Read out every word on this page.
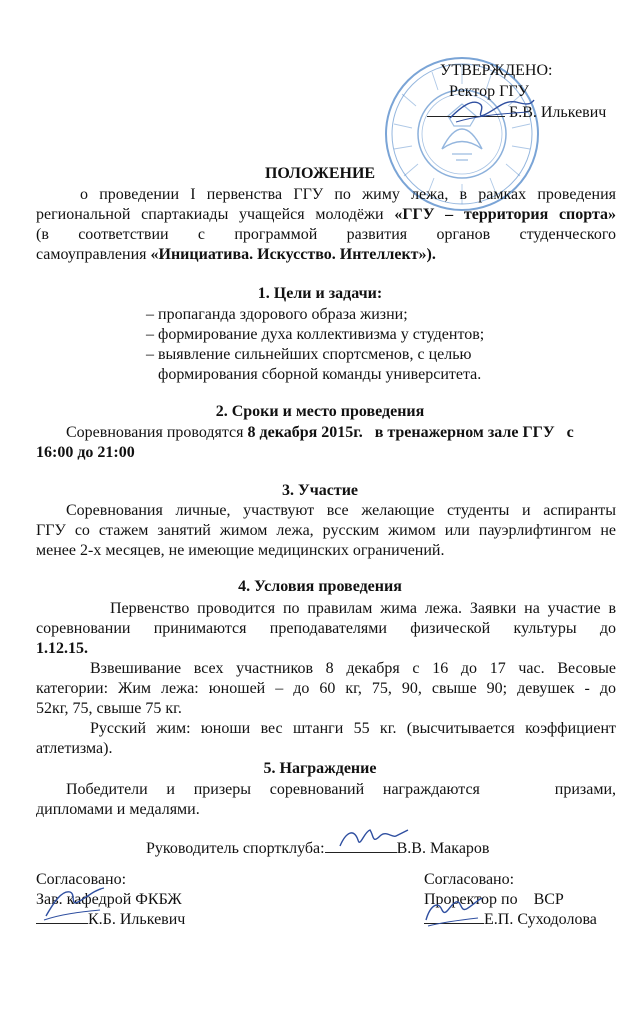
УТВЕРЖДЕНО:
Ректор ГГУ
Б.В. Илькевич
ПОЛОЖЕНИЕ
о проведении I первенства ГГУ по жиму лежа, в рамках проведения
региональной спартакиады учащейся молодёжи «ГГУ – территория спорта»
(в соответствии с программой развития органов студенческого
самоуправления «Инициатива. Искусство. Интеллект»).
1. Цели и задачи:
– пропаганда здорового образа жизни;
– формирование духа коллективизма у студентов;
– выявление сильнейших спортсменов, с целью
формирования сборной команды университета.
2. Сроки и место проведения
Соревнования проводятся 8 декабря 2015г.   в тренажерном зале ГГУ   с
16:00 до 21:00
3. Участие
Соревнования личные, участвуют все желающие студенты и аспиранты
ГГУ со стажем занятий жимом лежа, русским жимом или пауэрлифтингом не
менее 2-х месяцев, не имеющие медицинских ограничений.
4. Условия проведения
Первенство проводится по правилам жима лежа. Заявки на участие в
соревновании принимаются преподавателями физической культуры до
1.12.15.
Взвешивание всех участников 8 декабря с 16 до 17 час. Весовые
категории: Жим лежа: юношей – до 60 кг, 75, 90, свыше 90; девушек - до
52кг, 75, свыше 75 кг.
Русский жим: юноши вес штанги 55 кг. (высчитывается коэффициент
атлетизма).
5. Награждение
Победители и призеры соревнований награждаются    призами,
дипломами и медалями.
Руководитель спортклуба:	В.В. Макаров
Согласовано:
Зав. кафедрой ФКБЖ
К.Б. Илькевич
Согласовано:
Проректор по    ВСР
Е.П. Суходолова
